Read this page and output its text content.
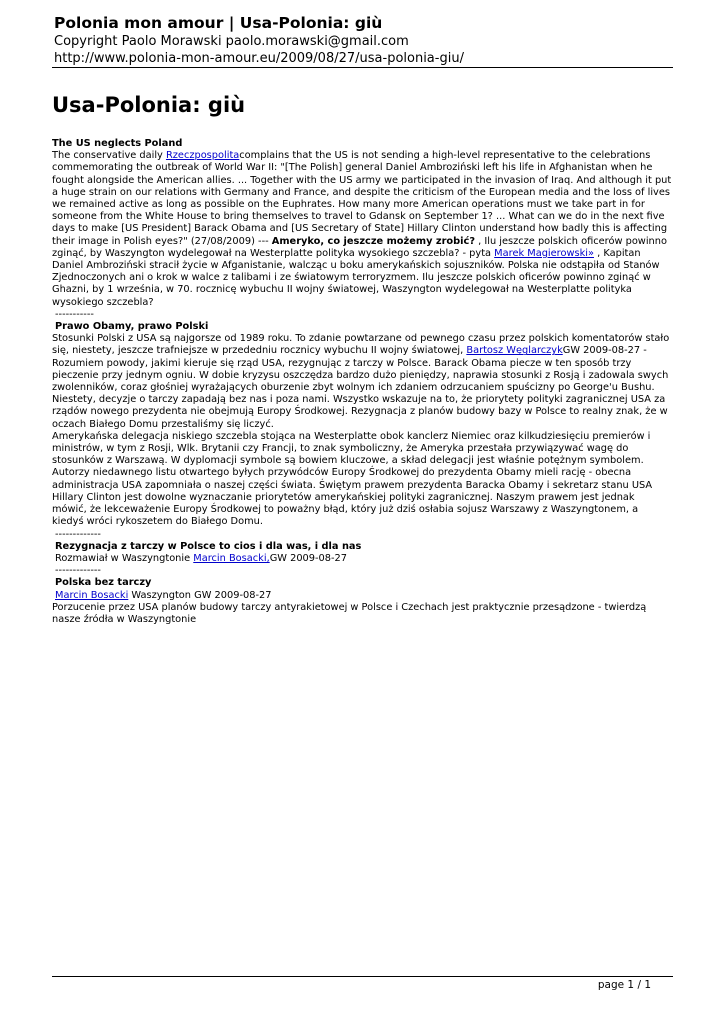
Polonia mon amour | Usa-Polonia: giù
Copyright Paolo Morawski paolo.morawski@gmail.com
http://www.polonia-mon-amour.eu/2009/08/27/usa-polonia-giu/
Usa-Polonia: giù

The US neglects Poland

The conservative daily Rzeczpospolitacomplains that the US is not sending a high-level representative to the celebrations commemorating the outbreak of World War II: "[The Polish] general Daniel Ambroziński left his life in Afghanistan when he fought alongside the American allies. ... Together with the US army we participated in the invasion of Iraq. And although it put a huge strain on our relations with Germany and France, and despite the criticism of the European media and the loss of lives we remained active as long as possible on the Euphrates. How many more American operations must we take part in for someone from the White House to bring themselves to travel to Gdansk on September 1? ... What can we do in the next five days to make [US President] Barack Obama and [US Secretary of State] Hillary Clinton understand how badly this is affecting their image in Polish eyes?" (27/08/2009) --- Ameryko, co jeszcze możemy zrobić? , Ilu jeszcze polskich oficerów powinno zginąć, by Waszyngton wydelegował na Westerplatte polityka wysokiego szczebla? - pyta Marek Magierowski» , Kapitan Daniel Ambroziński stracił życie w Afganistanie, walcząc u boku amerykańskich sojuszników. Polska nie odstąpiła od Stanów Zjednoczonych ani o krok w walce z talibami i ze światowym terroryzmem. Ilu jeszcze polskich oficerów powinno zginąć w Ghazni, by 1 września, w 70. rocznicę wybuchu II wojny światowej, Waszyngton wydelegował na Westerplatte polityka wysokiego szczebla?

-----------

Prawo Obamy, prawo Polski

Stosunki Polski z USA są najgorsze od 1989 roku. To zdanie powtarzane od pewnego czasu przez polskich komentatorów stało się, niestety, jeszcze trafniejsze w przededniu rocznicy wybuchu II wojny światowej, Bartosz WęglarczykGW 2009-08-27 - Rozumiem powody, jakimi kieruje się rząd USA, rezygnując z tarczy w Polsce. Barack Obama piecze w ten sposób trzy pieczenie przy jednym ogniu. W dobie kryzysu oszczędza bardzo dużo pieniędzy, naprawia stosunki z Rosją i zadowala swych zwolenników, coraz głośniej wyrażających oburzenie zbyt wolnym ich zdaniem odrzucaniem spuścizny po George'u Bushu.

Niestety, decyzje o tarczy zapadają bez nas i poza nami. Wszystko wskazuje na to, że priorytety polityki zagranicznej USA za rządów nowego prezydenta nie obejmują Europy Środkowej. Rezygnacja z planów budowy bazy w Polsce to realny znak, że w oczach Białego Domu przestaliśmy się liczyć.

Amerykańska delegacja niskiego szczebla stojąca na Westerplatte obok kanclerz Niemiec oraz kilkudziesięciu premierów i ministrów, w tym z Rosji, Wlk. Brytanii czy Francji, to znak symboliczny, że Ameryka przestała przywiązywać wagę do stosunków z Warszawą. W dyplomacji symbole są bowiem kluczowe, a skład delegacji jest właśnie potężnym symbolem.

Autorzy niedawnego listu otwartego byłych przywódców Europy Środkowej do prezydenta Obamy mieli rację - obecna administracja USA zapomniała o naszej części świata. Świętym prawem prezydenta Baracka Obamy i sekretarz stanu USA Hillary Clinton jest dowolne wyznaczanie priorytetów amerykańskiej polityki zagranicznej. Naszym prawem jest jednak mówić, że lekceważenie Europy Środkowej to poważny błąd, który już dziś osłabia sojusz Warszawy z Waszyngtonem, a kiedyś wróci rykoszetem do Białego Domu.

-------------

Rezygnacja z tarczy w Polsce to cios i dla was, i dla nas

Rozmawiał w Waszyngtonie Marcin Bosacki,GW 2009-08-27

-------------

Polska bez tarczy

Marcin Bosacki Waszyngton GW 2009-08-27

Porzucenie przez USA planów budowy tarczy antyrakietowej w Polsce i Czechach jest praktycznie przesądzone - twierdzą nasze źródła w Waszyngtonie

page 1 / 1
